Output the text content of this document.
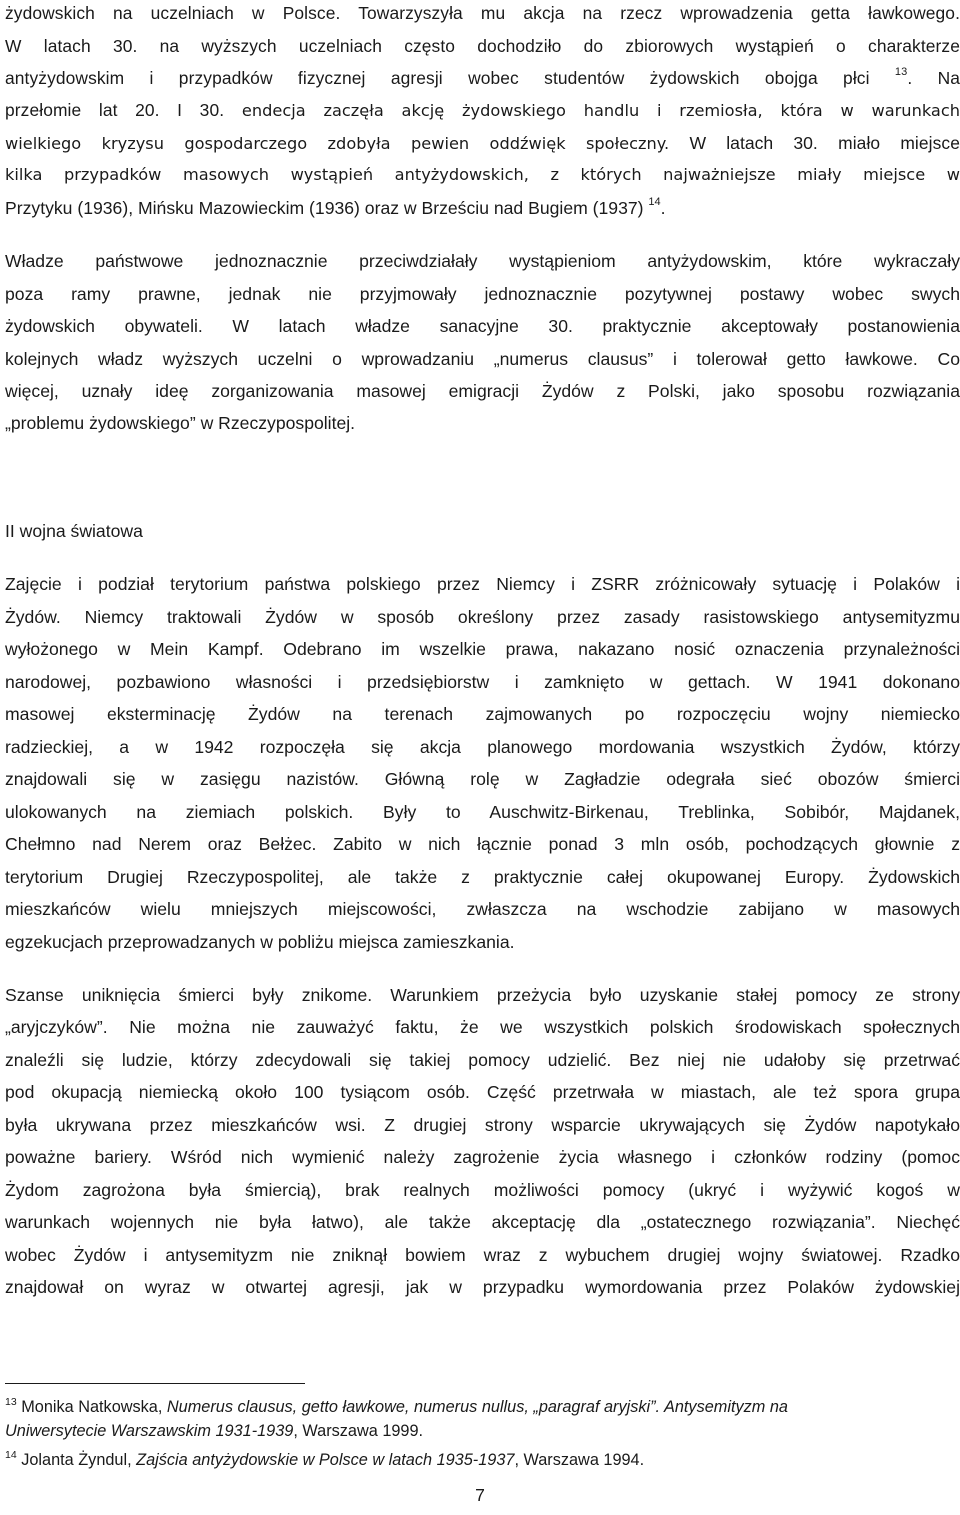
żydowskich na uczelniach w Polsce. Towarzyszyła mu akcja na rzecz wprowadzenia getta ławkowego.
W latach 30. na wyższych uczelniach często dochodziło do zbiorowych wystąpień o charakterze
antyżydowskim i przypadków fizycznej agresji wobec studentów żydowskich obojga płci $^{13}$. Na
przełomie lat 20. I 30. endecja zaczęła akcję żydowskiego handlu i rzemiosła, która w warunkach
wielkiego kryzysu gospodarczego zdobyła pewien oddźwięk społeczny. W latach 30. miało miejsce
kilka przypadków masowych wystąpień antyżydowskich, z których najważniejsze miały miejsce w
Przytyku (1936), Mińsku Mazowieckim (1936) oraz w Brześciu nad Bugiem (1937) $^{14}$.
Władze państwowe jednoznacznie przeciwdziałały wystąpieniom antyżydowskim, które wykraczały
poza ramy prawne, jednak nie przyjmowały jednoznacznie pozytywnej postawy wobec swych
żydowskich obywateli. W latach władze sanacyjne 30. praktycznie akceptowały postanowienia
kolejnych władz wyższych uczelni o wprowadzaniu „numerus clausus” i tolerował getto ławkowe. Co
więcej, uznały ideę zorganizowania masowej emigracji Żydów z Polski, jako sposobu rozwiązania
„problemu żydowskiego” w Rzeczypospolitej.
II wojna światowa
Zajęcie i podział terytorium państwa polskiego przez Niemcy i ZSRR zróżnicowały sytuację i Polaków i
Żydów. Niemcy traktowali Żydów w sposób określony przez zasady rasistowskiego antysemityzmu
wyłożonego w Mein Kampf. Odebrano im wszelkie prawa, nakazano nosić oznaczenia przynależności
narodowej, pozbawiono własności i przedsiębiorstw i zamknięto w gettach. W 1941 dokonano
masowej eksterminację Żydów na terenach zajmowanych po rozpoczęciu wojny niemiecko
radzieckiej, a w 1942 rozpoczęła się akcja planowego mordowania wszystkich Żydów, którzy
znajdowali się w zasięgu nazistów. Główną rolę w Zagładzie odegrała sieć obozów śmierci
ulokowanych na ziemiach polskich. Były to Auschwitz-Birkenau, Treblinka, Sobibór, Majdanek,
Chełmno nad Nerem oraz Bełżec. Zabito w nich łącznie ponad 3 mln osób, pochodzących głownie z
terytorium Drugiej Rzeczypospolitej, ale także z praktycznie całej okupowanej Europy. Żydowskich
mieszkańców wielu mniejszych miejscowości, zwłaszcza na wschodzie zabijano w masowych
egzekucjach przeprowadzanych w pobliżu miejsca zamieszkania.
Szanse uniknięcia śmierci były znikome. Warunkiem przeżycia było uzyskanie stałej pomocy ze strony
„aryjczyków”. Nie można nie zauważyć faktu, że we wszystkich polskich środowiskach społecznych
znaleźli się ludzie, którzy zdecydowali się takiej pomocy udzielić. Bez niej nie udałoby się przetrwać
pod okupacją niemiecką około 100 tysiącom osób. Część przetrwała w miastach, ale też spora grupa
była ukrywana przez mieszkańców wsi. Z drugiej strony wsparcie ukrywających się Żydów napotykało
poważne bariery. Wśród nich wymienić należy zagrożenie życia własnego i członków rodziny (pomoc
Żydom zagrożona była śmiercią), brak realnych możliwości pomocy (ukryć i wyżywić kogoś w
warunkach wojennych nie była łatwo), ale także akceptację dla „ostatecznego rozwiązania”. Niechęć
wobec Żydów i antysemityzm nie zniknął bowiem wraz z wybuchem drugiej wojny światowej. Rzadko
znajdował on wyraz w otwartej agresji, jak w przypadku wymordowania przez Polaków żydowskiej
$^{13}$ Monika Natkowska, Numerus clausus, getto ławkowe, numerus nullus, „paragraf aryjski”. Antysemityzm na
Uniwersytecie Warszawskim 1931-1939, Warszawa 1999.
$^{14}$ Jolanta Żyndul, Zajścia antyżydowskie w Polsce w latach 1935-1937, Warszawa 1994.
7
